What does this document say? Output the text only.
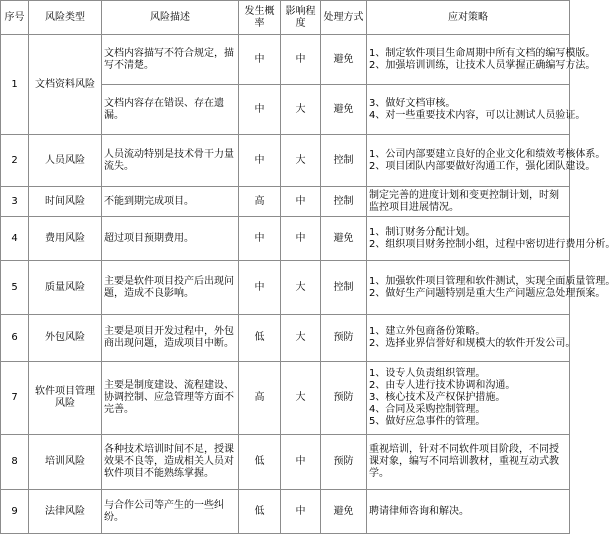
序号	风险类型	风险描述	发生概率	影响程度	处理方式	应对策略
1	文档资料风险	文档内容描写不符合规定，描写不清楚。	中	中	避免	1、制定软件项目生命周期中所有文档的编写模版。
2、加强培训训练，让技术人员掌握正确编写方法。

		文档内容存在错误、存在遗漏。	中	大	避免	3、做好文档审核。
4、对一些重要技术内容，可以让测试人员验证。

2	人员风险	人员流动特别是技术骨干力量流失。	中	大	控制	1、公司内部要建立良好的企业文化和绩效考核体系。
2、项目团队内部要做好沟通工作，强化团队建设。

3	时间风险	不能到期完成项目。	高	中	控制	制定完善的进度计划和变更控制计划，时刻监控项目进展情况。
4	费用风险	超过项目预期费用。	中	中	避免	1、制订财务分配计划。
2、组织项目财务控制小组，过程中密切进行费用分析。

5	质量风险	主要是软件项目投产后出现问题，造成不良影响。	中	大	控制	1、加强软件项目管理和软件测试，实现全面质量管理。
2、做好生产问题特别是重大生产问题应急处理预案。

6	外包风险	主要是项目开发过程中，外包商出现问题，造成项目中断。	低	大	预防	1、建立外包商备份策略。
2、选择业界信誉好和规模大的软件开发公司。

7	软件项目管理风险	主要是制度建设、流程建设、协调控制、应急管理等方面不完善。	高	大	预防	1、设专人负责组织管理。
2、由专人进行技术协调和沟通。
3、核心技术及产权保护措施。
4、合同及采购控制管理。
5、做好应急事件的管理。

8	培训风险	各种技术培训时间不足，授课效果不良等，造成相关人员对软件项目不能熟练掌握。	低	中	预防	重视培训，针对不同软件项目阶段，不同授课对象，编写不同培训教材，重视互动式教学。
9	法律风险	与合作公司等产生的一些纠纷。	低	中	避免	聘请律师咨询和解决。
